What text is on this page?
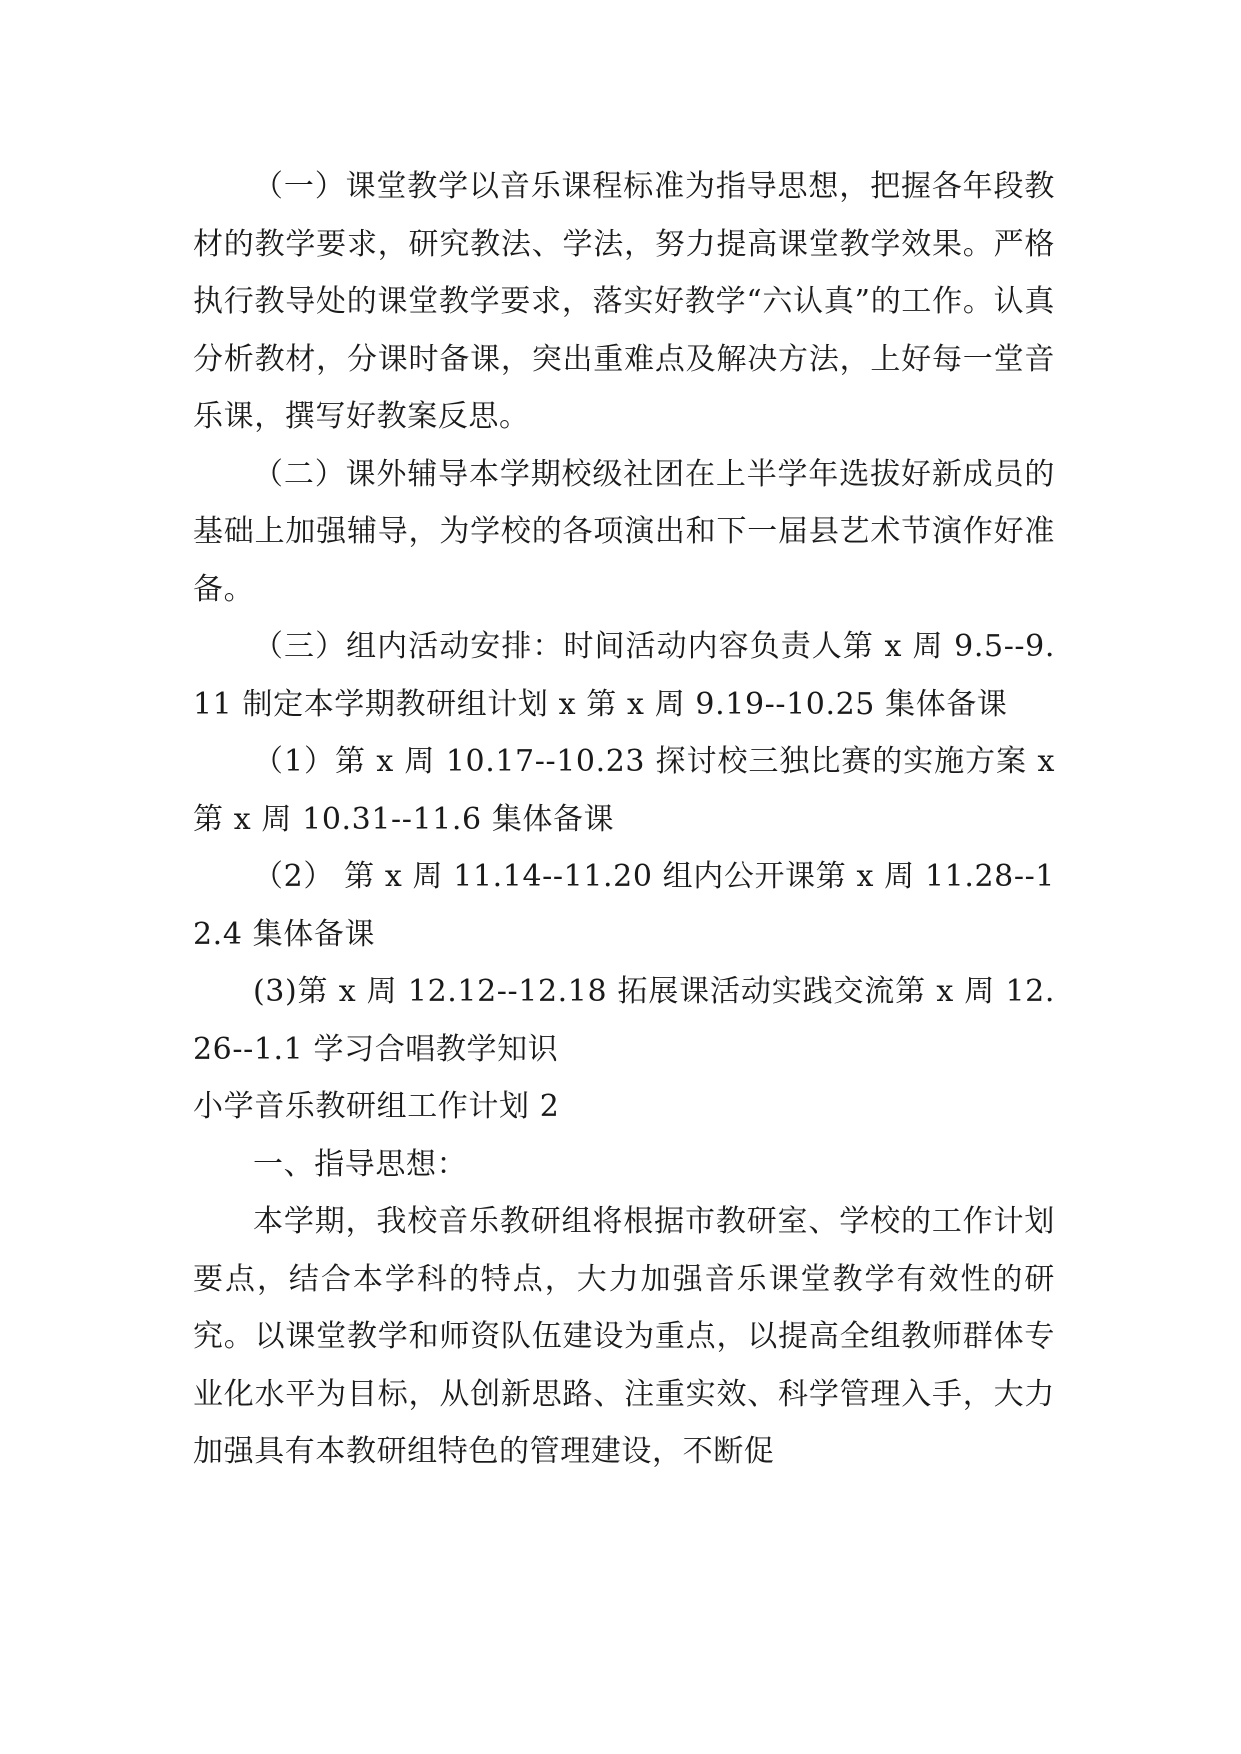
（一）课堂教学以音乐课程标准为指导思想，把握各年段教材的教学要求，研究教法、学法，努力提高课堂教学效果。严格执行教导处的课堂教学要求，落实好教学“六认真”的工作。认真分析教材，分课时备课，突出重难点及解决方法，上好每一堂音乐课，撰写好教案反思。

（二）课外辅导本学期校级社团在上半学年选拔好新成员的基础上加强辅导，为学校的各项演出和下一届县艺术节演作好准备。

（三）组内活动安排：时间活动内容负责人第 x 周 9.5--9.11 制定本学期教研组计划 x 第 x 周 9.19--10.25 集体备课

（1）第 x 周 10.17--10.23 探讨校三独比赛的实施方案 x 第 x 周 10.31--11.6 集体备课

（2） 第 x 周 11.14--11.20 组内公开课第 x 周 11.28--12.4 集体备课

(3)第 x 周 12.12--12.18 拓展课活动实践交流第 x 周 12.26--1.1 学习合唱教学知识

小学音乐教研组工作计划 2

一、指导思想：

本学期，我校音乐教研组将根据市教研室、学校的工作计划要点，结合本学科的特点，大力加强音乐课堂教学有效性的研究。以课堂教学和师资队伍建设为重点，以提高全组教师群体专业化水平为目标，从创新思路、注重实效、科学管理入手，大力加强具有本教研组特色的管理建设，不断促
